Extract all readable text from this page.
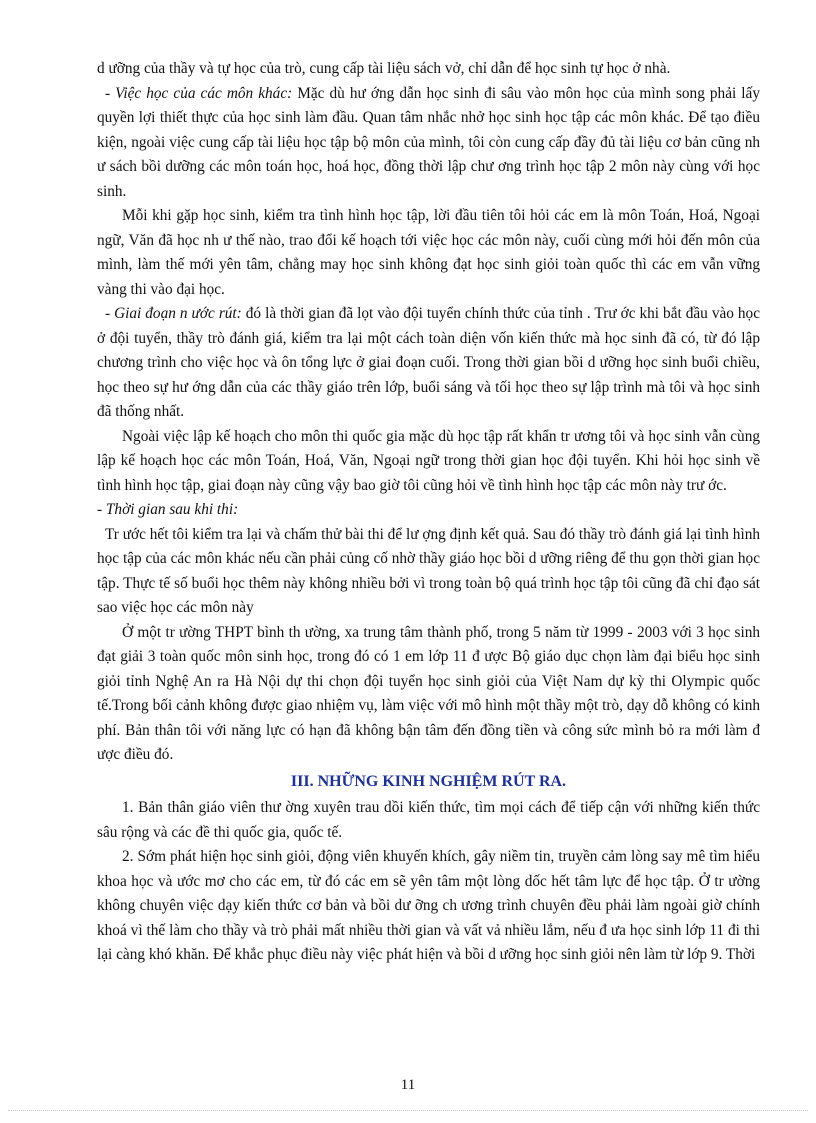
d ưỡng của thầy và tự học của trò, cung cấp tài liệu sách vở, chỉ dẫn để học sinh tự học ở nhà.

- Việc học của các môn khác: Mặc dù hư ớng dẫn học sinh đi sâu vào môn học của mình song phải lấy quyền lợi thiết thực của học sinh làm đầu. Quan tâm nhắc nhở học sinh học tập các môn khác. Để tạo điều kiện, ngoài việc cung cấp tài liệu học tập bộ môn của mình, tôi còn cung cấp đầy đủ tài liệu cơ bản cũng nh ư sách bồi dưỡng các môn toán học, hoá học, đồng thời lập chư ơng trình học tập 2 môn này cùng với học sinh.

Mỗi khi gặp học sinh, kiểm tra tình hình học tập, lời đầu tiên tôi hỏi các em là môn Toán, Hoá, Ngoại ngữ, Văn đã học nh ư thế nào, trao đổi kế hoạch tới việc học các môn này, cuối cùng mới hỏi đến môn của mình, làm thế mới yên tâm, chẳng may học sinh không đạt học sinh giỏi toàn quốc thì các em vẫn vững vàng thi vào đại học.

- Giai đoạn n ước rút: đó là thời gian đã lọt vào đội tuyển chính thức của tỉnh . Trư ớc khi bắt đầu vào học ở đội tuyển, thầy trò đánh giá, kiểm tra lại một cách toàn diện vốn kiến thức mà học sinh đã có, từ đó lập chương trình cho việc học và ôn tổng lực ở giai đoạn cuối. Trong thời gian bồi d ưỡng học sinh buổi chiều, học theo sự hư ớng dẫn của các thầy giáo trên lớp, buổi sáng và tối học theo sự lập trình mà tôi và học sinh đã thống nhất.

Ngoài việc lập kế hoạch cho môn thi quốc gia mặc dù học tập rất khẩn tr ương tôi và học sinh vẫn cùng lập kế hoạch học các môn Toán, Hoá, Văn, Ngoại ngữ trong thời gian học đội tuyển. Khi hỏi học sinh về tình hình học tập, giai đoạn này cũng vậy bao giờ tôi cũng hỏi về tình hình học tập các môn này trư ớc.

- Thời gian sau khi thi:

Tr ước hết tôi kiểm tra lại và chấm thử bài thi để lư ợng định kết quả. Sau đó thầy trò đánh giá lại tình hình học tập của các môn khác nếu cần phải củng cố nhờ thầy giáo học bồi d ưỡng riêng để thu gọn thời gian học tập. Thực tế số buổi học thêm này không nhiều bởi vì trong toàn bộ quá trình học tập tôi cũng đã chỉ đạo sát sao việc học các môn này

Ở một tr ường THPT bình th ường, xa trung tâm thành phố, trong 5 năm từ 1999 - 2003 với 3 học sinh đạt giải 3 toàn quốc môn sinh học, trong đó có 1 em lớp 11 đ ược Bộ giáo dục chọn làm đại biểu học sinh giỏi tỉnh Nghệ An ra Hà Nội dự thi chọn đội tuyển học sinh giỏi của Việt Nam dự kỳ thi Olympic quốc tế.Trong bối cảnh không được giao nhiệm vụ, làm việc với mô hình một thầy một trò, dạy dỗ không có kinh phí. Bản thân tôi với năng lực có hạn đã không bận tâm đến đồng tiền và công sức mình bỏ ra mới làm đ ược điều đó.

III. NHỮNG KINH NGHIỆM RÚT RA.

1. Bản thân giáo viên thư ờng xuyên trau dồi kiến thức, tìm mọi cách để tiếp cận với những kiến thức sâu rộng và các đề thi quốc gia, quốc tế.

2. Sớm phát hiện học sinh giỏi, động viên khuyến khích, gây niềm tin, truyền cảm lòng say mê tìm hiểu khoa học và ước mơ cho các em, từ đó các em sẽ yên tâm một lòng dốc hết tâm lực để học tập. Ở tr ường không chuyên việc dạy kiến thức cơ bản và bồi dư ỡng ch ương trình chuyên đều phải làm ngoài giờ chính khoá vì thế làm cho thầy và trò phải mất nhiều thời gian và vất vả nhiều lắm, nếu đ ưa học sinh lớp 11 đi thi lại càng khó khăn. Để khắc phục điều này việc phát hiện và bồi d ưỡng học sinh giỏi nên làm từ lớp 9. Thời

11
